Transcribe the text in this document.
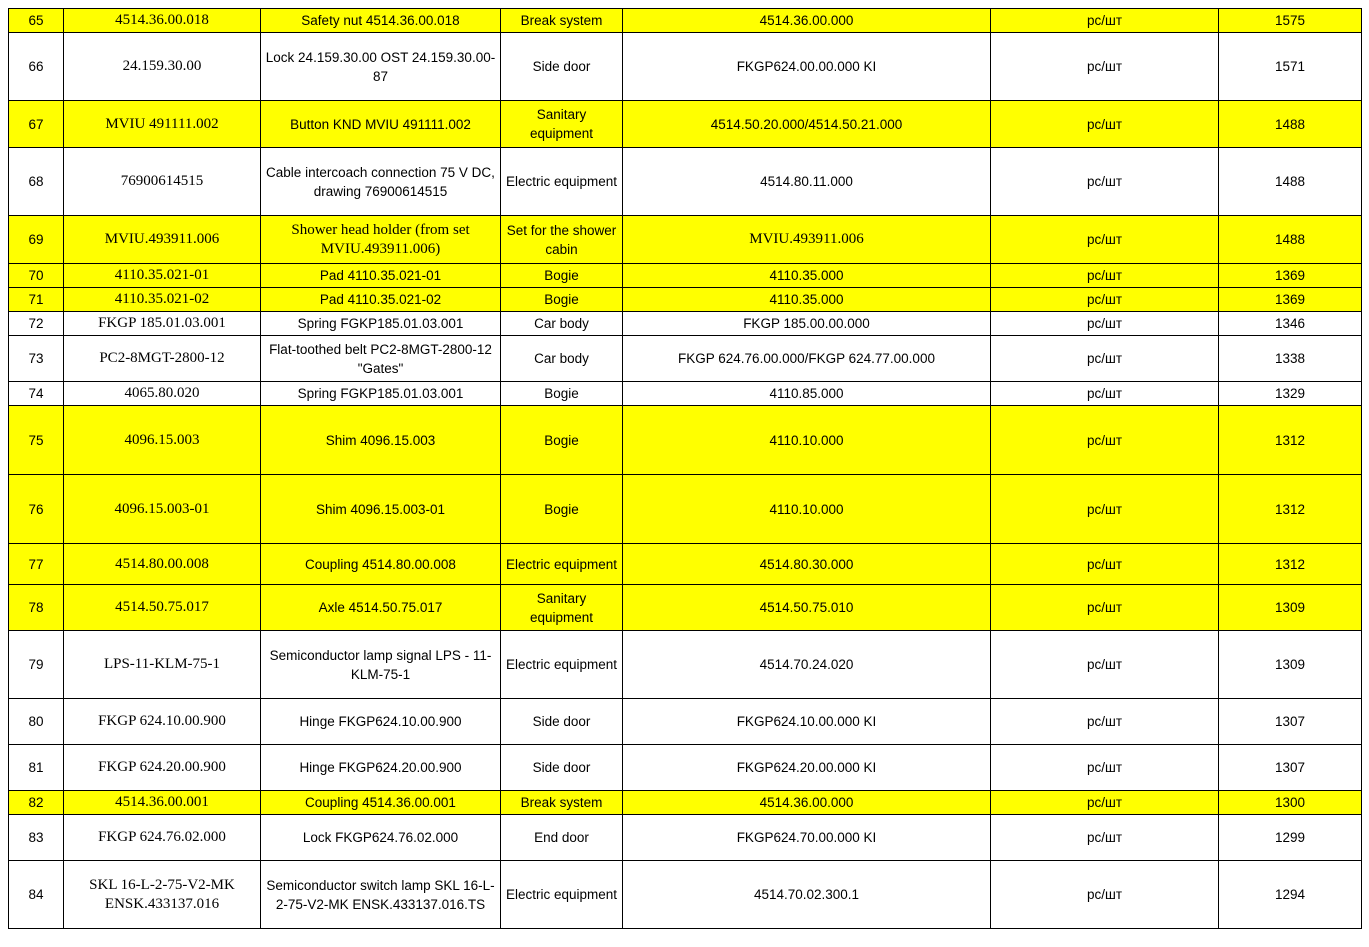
65	4514.36.00.018	Safety nut 4514.36.00.018	Break system	4514.36.00.000	pc/шт	1575
66	24.159.30.00	Lock 24.159.30.00 OST 24.159.30.00-87	Side door	FKGP624.00.00.000 KI	pc/шт	1571
67	MVIU 491111.002	Button KND MVIU 491111.002	Sanitary equipment	4514.50.20.000/4514.50.21.000	pc/шт	1488
68	76900614515	Cable intercoach connection 75 V DC, drawing 76900614515	Electric equipment	4514.80.11.000	pc/шт	1488
69	MVIU.493911.006	Shower head holder (from set MVIU.493911.006)	Set for the shower cabin	MVIU.493911.006	pc/шт	1488
70	4110.35.021-01	Pad 4110.35.021-01	Bogie	4110.35.000	pc/шт	1369
71	4110.35.021-02	Pad 4110.35.021-02	Bogie	4110.35.000	pc/шт	1369
72	FKGP 185.01.03.001	Spring FGKP185.01.03.001	Car body	FKGP 185.00.00.000	pc/шт	1346
73	PC2-8MGT-2800-12	Flat-toothed belt PC2-8MGT-2800-12 "Gates"	Car body	FKGP 624.76.00.000/FKGP 624.77.00.000	pc/шт	1338
74	4065.80.020	Spring FGKP185.01.03.001	Bogie	4110.85.000	pc/шт	1329
75	4096.15.003	Shim 4096.15.003	Bogie	4110.10.000	pc/шт	1312
76	4096.15.003-01	Shim 4096.15.003-01	Bogie	4110.10.000	pc/шт	1312
77	4514.80.00.008	Coupling 4514.80.00.008	Electric equipment	4514.80.30.000	pc/шт	1312
78	4514.50.75.017	Axle 4514.50.75.017	Sanitary equipment	4514.50.75.010	pc/шт	1309
79	LPS-11-KLM-75-1	Semiconductor lamp signal LPS - 11-KLM-75-1	Electric equipment	4514.70.24.020	pc/шт	1309
80	FKGP 624.10.00.900	Hinge FKGP624.10.00.900	Side door	FKGP624.10.00.000 KI	pc/шт	1307
81	FKGP 624.20.00.900	Hinge FKGP624.20.00.900	Side door	FKGP624.20.00.000 KI	pc/шт	1307
82	4514.36.00.001	Coupling 4514.36.00.001	Break system	4514.36.00.000	pc/шт	1300
83	FKGP 624.76.02.000	Lock FKGP624.76.02.000	End door	FKGP624.70.00.000 KI	pc/шт	1299
84	SKL 16-L-2-75-V2-MK ENSK.433137.016	Semiconductor switch lamp SKL 16-L-2-75-V2-MK ENSK.433137.016.TS	Electric equipment	4514.70.02.300.1	pc/шт	1294
